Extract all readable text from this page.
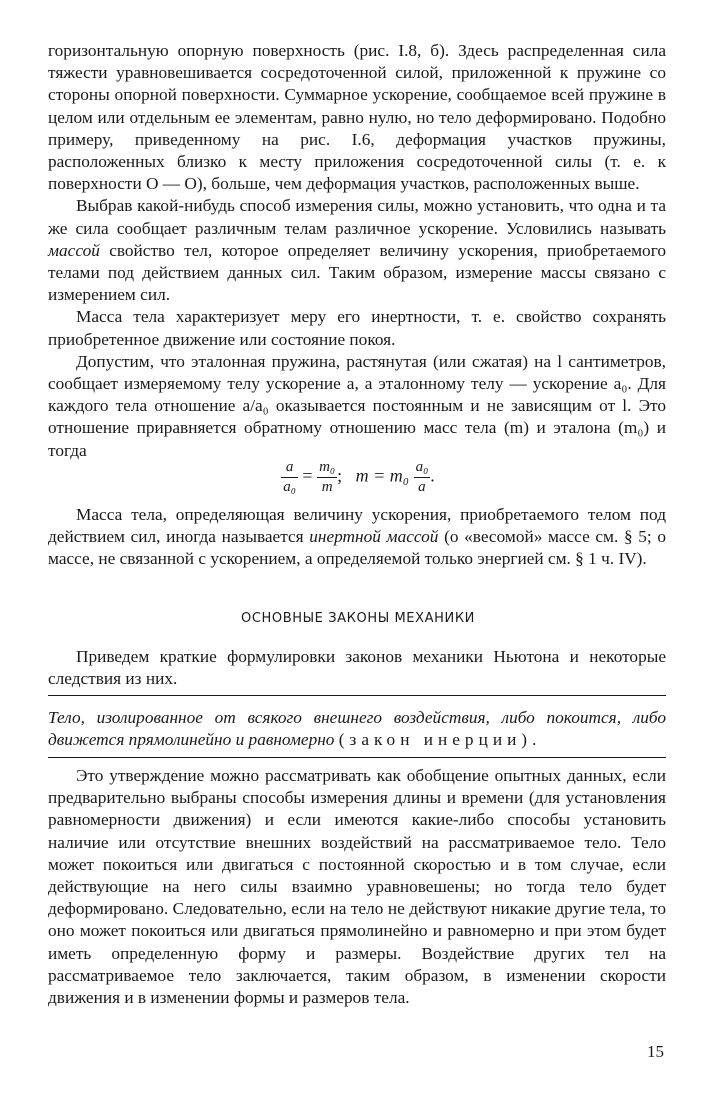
горизонтальную опорную поверхность (рис. I.8, б). Здесь распределенная сила тяжести уравновешивается сосредоточенной силой, приложенной к пружине со стороны опорной поверхности. Суммарное ускорение, сообщаемое всей пружине в целом или отдельным ее элементам, равно нулю, но тело деформировано. Подобно примеру, приведенному на рис. I.6, деформация участков пружины, расположенных близко к месту приложения сосредоточенной силы (т. е. к поверхности O — O), больше, чем деформация участков, расположенных выше.

Выбрав какой-нибудь способ измерения силы, можно установить, что одна и та же сила сообщает различным телам различное ускорение. Условились называть массой свойство тел, которое определяет величину ускорения, приобретаемого телами под действием данных сил. Таким образом, измерение массы связано с измерением сил.

Масса тела характеризует меру его инертности, т. е. свойство сохранять приобретенное движение или состояние покоя.

Допустим, что эталонная пружина, растянутая (или сжатая) на l сантиметров, сообщает измеряемому телу ускорение a, а эталонному телу — ускорение a₀. Для каждого тела отношение a/a₀ оказывается постоянным и не зависящим от l. Это отношение приравняется обратному отношению масс тела (m) и эталона (m₀) и тогда

$\frac{a}{\text{a₀}} = \frac{\text{m₀}}{m}$ ; $m = m_0 \frac{\text{a₀}}{a}$ .

Масса тела, определяющая величину ускорения, приобретаемого телом под действием сил, иногда называется инертной массой (о «весомой» массе см. § 5; о массе, не связанной с ускорением, а определяемой только энергией см. § 1 ч. IV).

ОСНОВНЫЕ ЗАКОНЫ МЕХАНИКИ

Приведем краткие формулировки законов механики Ньютона и некоторые следствия из них.

Тело, изолированное от всякого внешнего воздействия, либо покоится, либо движется прямолинейно и равномерно (закон инерции).

Это утверждение можно рассматривать как обобщение опытных данных, если предварительно выбраны способы измерения длины и времени (для установления равномерности движения) и если имеются какие-либо способы установить наличие или отсутствие внешних воздействий на рассматриваемое тело. Тело может покоиться или двигаться с постоянной скоростью и в том случае, если действующие на него силы взаимно уравновешены; но тогда тело будет деформировано. Следовательно, если на тело не действуют никакие другие тела, то оно может покоиться или двигаться прямолинейно и равномерно и при этом будет иметь определенную форму и размеры. Воздействие других тел на рассматриваемое тело заключается, таким образом, в изменении скорости движения и в изменении формы и размеров тела.

15
